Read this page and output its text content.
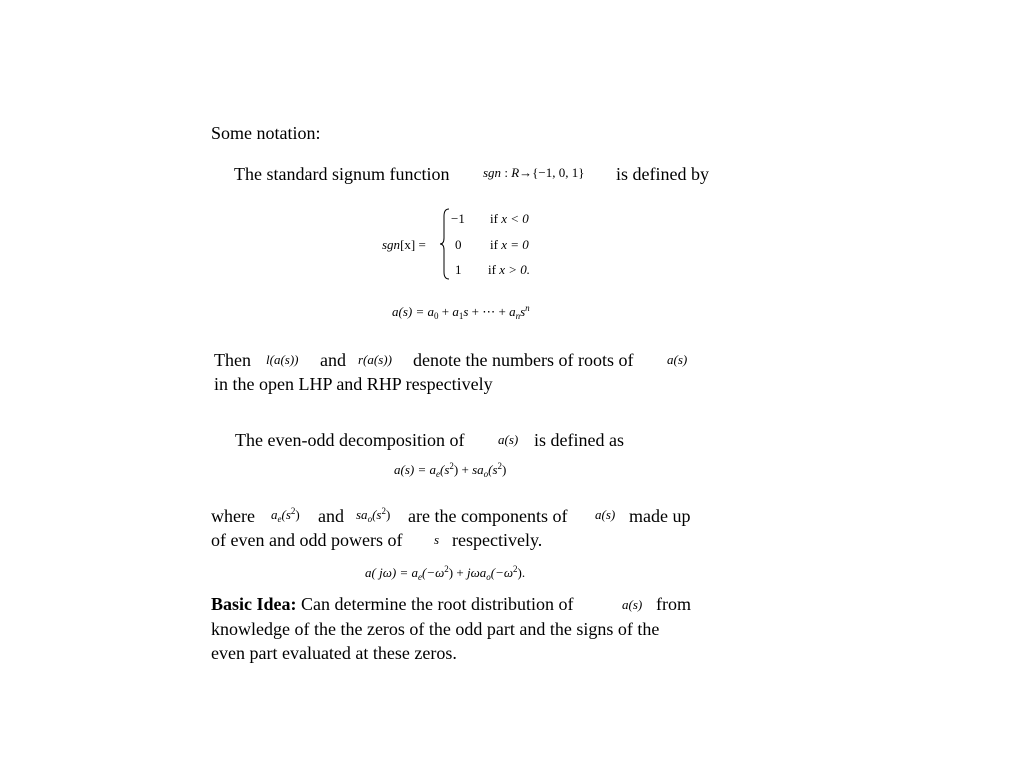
Some notation:
The standard signum function	sgn : R→{−1, 0, 1} is defined by
sgn[x] =
−1 if x < 0
0 if x = 0
1 if x > 0.
$a(s) = a_0 + a_1s$ + ⋯ + $a_ns^n$
Then l(a(s)) and r(a(s)) denote the numbers of roots of	a(s)
in the open LHP and RHP respectively
The even-odd decomposition of	a(s) is defined as
$a(s) = a_e(s^2) + sa_o(s^2)$
where $a_e(s^2)$ and $sa_o(s^2)$ are the components of a(s) made up
of even and odd powers of s respectively.
a( $j\omega) = a_e(-\omega^2) + j\omega a_o(-\omega^2)$.
Basic Idea: Can determine the root distribution of	a(s) from
knowledge of the the zeros of the odd part and the signs of the
even part evaluated at these zeros.
